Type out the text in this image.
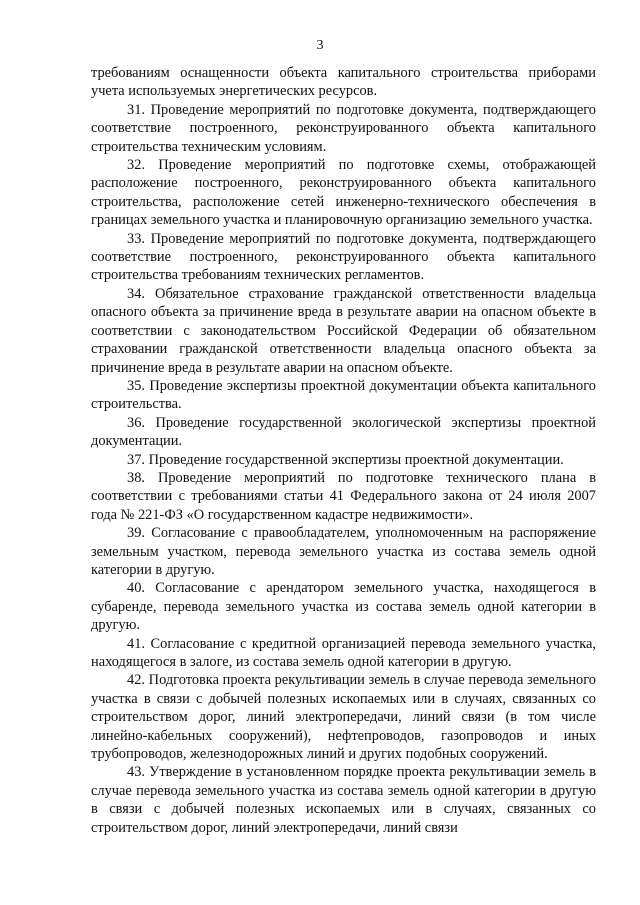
3

требованиям оснащенности объекта капитального строительства приборами учета используемых энергетических ресурсов.

31. Проведение мероприятий по подготовке документа, подтверждающего соответствие построенного, реконструированного объекта капитального строительства техническим условиям.

32. Проведение мероприятий по подготовке схемы, отображающей расположение построенного, реконструированного объекта капитального строительства, расположение сетей инженерно-технического обеспечения в границах земельного участка и планировочную организацию земельного участка.

33. Проведение мероприятий по подготовке документа, подтверждающего соответствие построенного, реконструированного объекта капитального строительства требованиям технических регламентов.

34. Обязательное страхование гражданской ответственности владельца опасного объекта за причинение вреда в результате аварии на опасном объекте в соответствии с законодательством Российской Федерации об обязательном страховании гражданской ответственности владельца опасного объекта за причинение вреда в результате аварии на опасном объекте.

35. Проведение экспертизы проектной документации объекта капитального строительства.

36. Проведение государственной экологической экспертизы проектной документации.

37. Проведение государственной экспертизы проектной документации.

38. Проведение мероприятий по подготовке технического плана в соответствии с требованиями статьи 41 Федерального закона от 24 июля 2007 года № 221-ФЗ «О государственном кадастре недвижимости».

39. Согласование с правообладателем, уполномоченным на распоряжение земельным участком, перевода земельного участка из состава земель одной категории в другую.

40. Согласование с арендатором земельного участка, находящегося в субаренде, перевода земельного участка из состава земель одной категории в другую.

41. Согласование с кредитной организацией перевода земельного участка, находящегося в залоге, из состава земель одной категории в другую.

42. Подготовка проекта рекультивации земель в случае перевода земельного участка в связи с добычей полезных ископаемых или в случаях, связанных со строительством дорог, линий электропередачи, линий связи (в том числе линейно-кабельных сооружений), нефтепроводов, газопроводов и иных трубопроводов, железнодорожных линий и других подобных сооружений.

43. Утверждение в установленном порядке проекта рекультивации земель в случае перевода земельного участка из состава земель одной категории в другую в связи с добычей полезных ископаемых или в случаях, связанных со строительством дорог, линий электропередачи, линий связи
